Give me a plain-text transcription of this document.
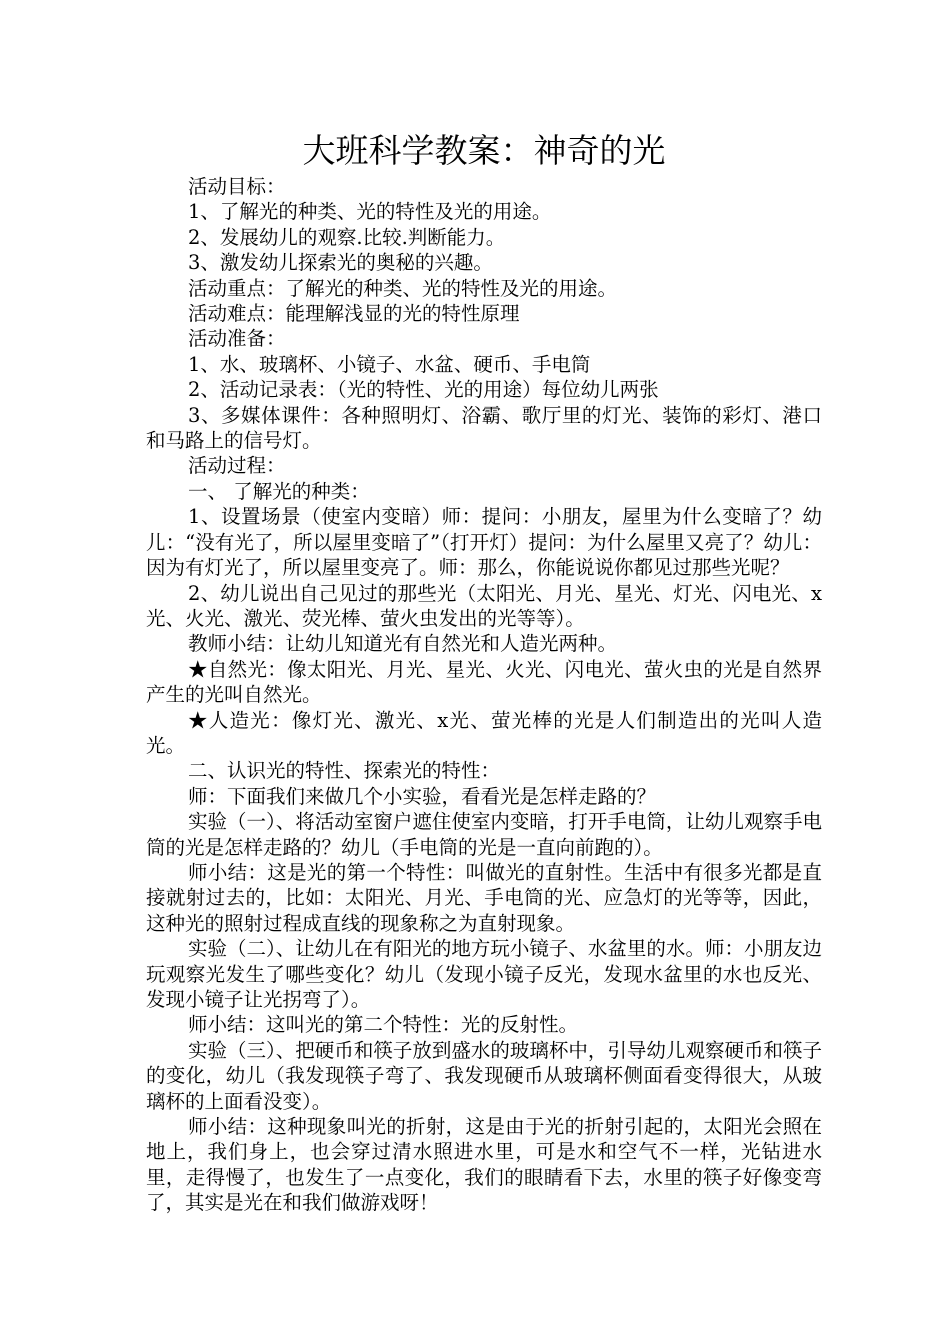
大班科学教案：神奇的光

活动目标：

1、了解光的种类、光的特性及光的用途。

2、发展幼儿的观察.比较.判断能力。

3、激发幼儿探索光的奥秘的兴趣。

活动重点：了解光的种类、光的特性及光的用途。

活动难点：能理解浅显的光的特性原理

活动准备：

1、水、玻璃杯、小镜子、水盆、硬币、手电筒

2、活动记录表：（光的特性、光的用途）每位幼儿两张

3、多媒体课件：各种照明灯、浴霸、歌厅里的灯光、装饰的彩灯、港口和马路上的信号灯。

活动过程：

一、 了解光的种类：

1、设置场景（使室内变暗）师：提问：小朋友，屋里为什么变暗了？幼儿：“没有光了，所以屋里变暗了”（打开灯）提问：为什么屋里又亮了？幼儿：因为有灯光了，所以屋里变亮了。师：那么，你能说说你都见过那些光呢？

2、幼儿说出自己见过的那些光（太阳光、月光、星光、灯光、闪电光、x光、火光、激光、荧光棒、萤火虫发出的光等等）。

教师小结：让幼儿知道光有自然光和人造光两种。

★自然光：像太阳光、月光、星光、火光、闪电光、萤火虫的光是自然界产生的光叫自然光。

★人造光：像灯光、激光、x光、萤光棒的光是人们制造出的光叫人造光。

二、认识光的特性、探索光的特性：

师：下面我们来做几个小实验，看看光是怎样走路的？

实验（一）、将活动室窗户遮住使室内变暗，打开手电筒，让幼儿观察手电筒的光是怎样走路的？幼儿（手电筒的光是一直向前跑的）。

师小结：这是光的第一个特性：叫做光的直射性。生活中有很多光都是直接就射过去的，比如：太阳光、月光、手电筒的光、应急灯的光等等，因此，这种光的照射过程成直线的现象称之为直射现象。

实验（二）、让幼儿在有阳光的地方玩小镜子、水盆里的水。师：小朋友边玩观察光发生了哪些变化？幼儿（发现小镜子反光，发现水盆里的水也反光、发现小镜子让光拐弯了）。

师小结：这叫光的第二个特性：光的反射性。

实验（三）、把硬币和筷子放到盛水的玻璃杯中，引导幼儿观察硬币和筷子的变化，幼儿（我发现筷子弯了、我发现硬币从玻璃杯侧面看变得很大，从玻璃杯的上面看没变）。

师小结：这种现象叫光的折射，这是由于光的折射引起的，太阳光会照在地上，我们身上，也会穿过清水照进水里，可是水和空气不一样，光钻进水里，走得慢了，也发生了一点变化，我们的眼睛看下去，水里的筷子好像变弯了，其实是光在和我们做游戏呀！
